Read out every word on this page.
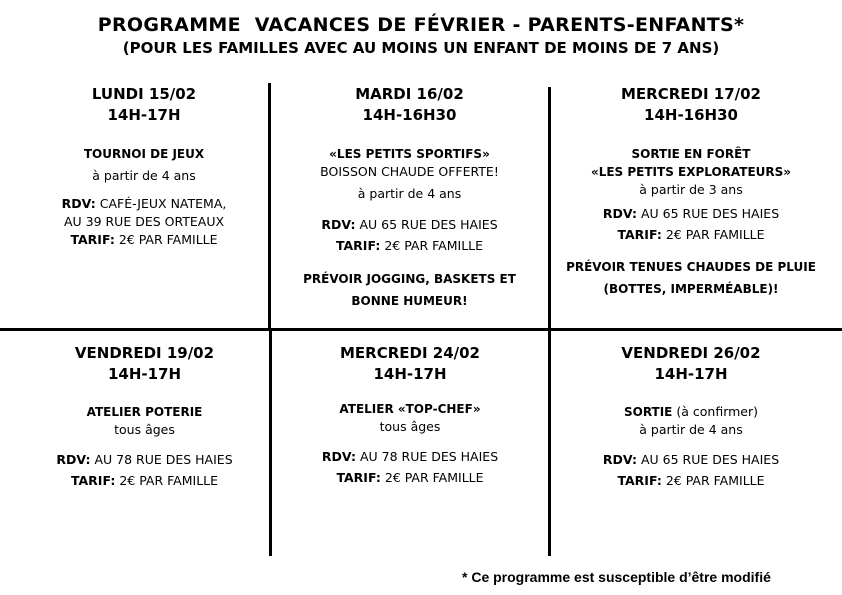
PROGRAMME  VACANCES DE FÉVRIER - PARENTS-ENFANTS*
(POUR LES FAMILLES AVEC AU MOINS UN ENFANT DE MOINS DE 7 ANS)
LUNDI 15/02
14H-17H
TOURNOI DE JEUX
à partir de 4 ans
RDV: CAFÉ-JEUX NATEMA,
AU 39 RUE DES ORTEAUX
TARIF: 2€ PAR FAMILLE
MARDI 16/02
14H-16H30
«LES PETITS SPORTIFS»
BOISSON CHAUDE OFFERTE!
à partir de 4 ans
RDV: AU 65 RUE DES HAIES
TARIF: 2€ PAR FAMILLE
PRÉVOIR JOGGING, BASKETS ET
BONNE HUMEUR!
MERCREDI 17/02
14H-16H30
SORTIE EN FORÊT
«LES PETITS EXPLORATEURS»
à partir de 3 ans
RDV: AU 65 RUE DES HAIES
TARIF: 2€ PAR FAMILLE
PRÉVOIR TENUES CHAUDES DE PLUIE
(BOTTES, IMPERMÉABLE)!
VENDREDI 19/02
14H-17H
ATELIER POTERIE
tous âges
RDV: AU 78 RUE DES HAIES
TARIF: 2€ PAR FAMILLE
MERCREDI 24/02
14H-17H
ATELIER «TOP-CHEF»
tous âges
RDV: AU 78 RUE DES HAIES
TARIF: 2€ PAR FAMILLE
VENDREDI 26/02
14H-17H
SORTIE (à confirmer)
à partir de 4 ans
RDV: AU 65 RUE DES HAIES
TARIF: 2€ PAR FAMILLE
* Ce programme est susceptible d’être modifié
